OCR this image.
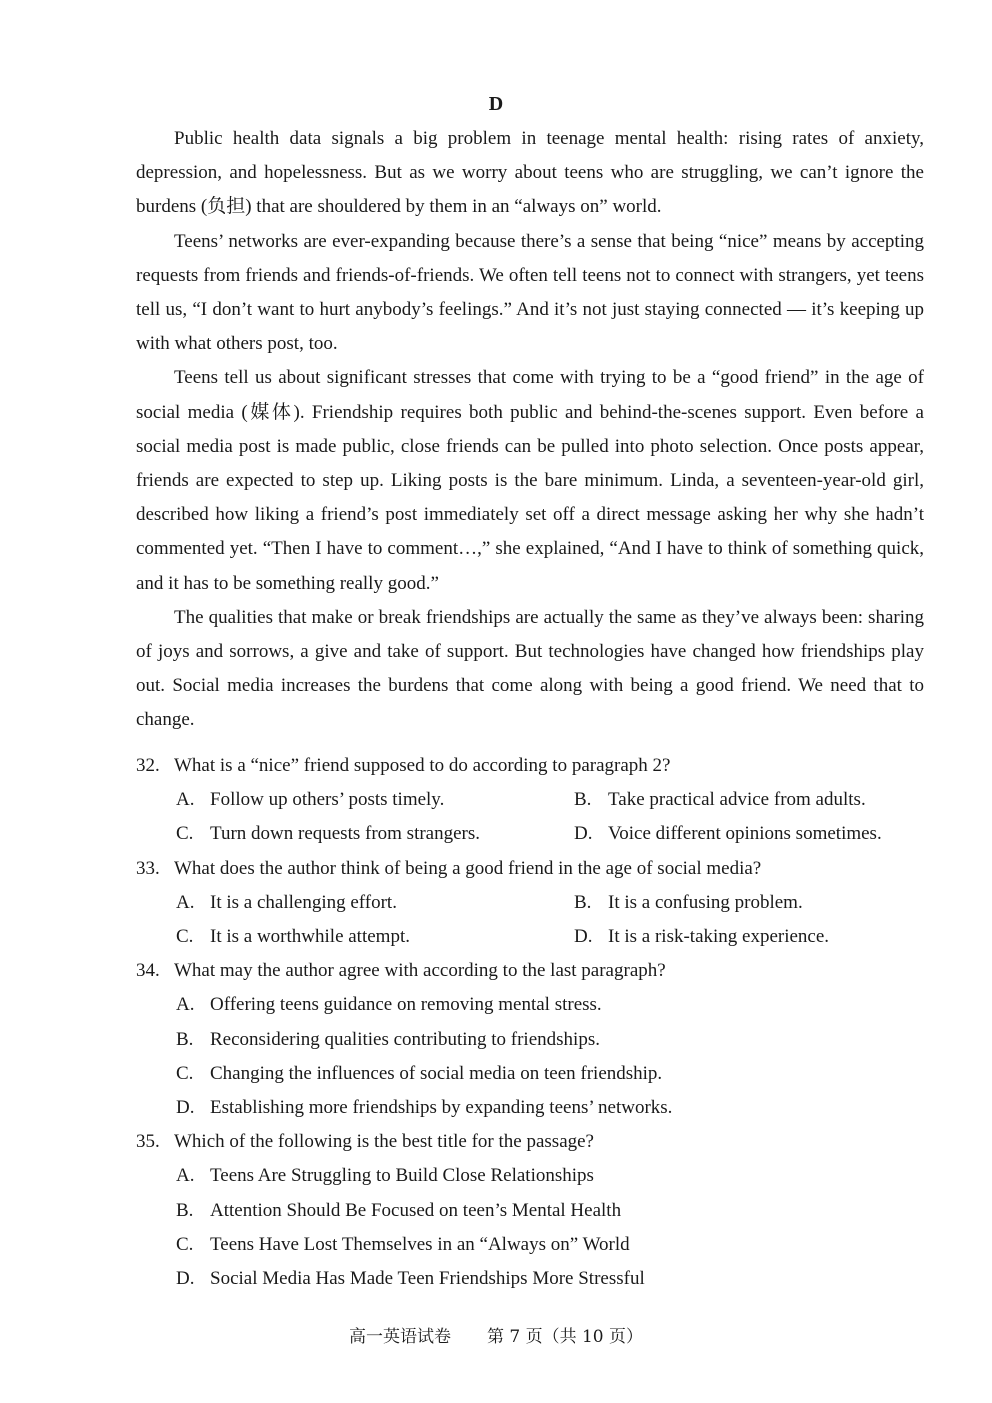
D

Public health data signals a big problem in teenage mental health: rising rates of anxiety, depression, and hopelessness. But as we worry about teens who are struggling, we can’t ignore the burdens (负担) that are shouldered by them in an “always on” world.

Teens’ networks are ever-expanding because there’s a sense that being “nice” means by accepting requests from friends and friends-of-friends. We often tell teens not to connect with strangers, yet teens tell us, “I don’t want to hurt anybody’s feelings.” And it’s not just staying connected — it’s keeping up with what others post, too.

Teens tell us about significant stresses that come with trying to be a “good friend” in the age of social media (媒体). Friendship requires both public and behind-the-scenes support. Even before a social media post is made public, close friends can be pulled into photo selection. Once posts appear, friends are expected to step up. Liking posts is the bare minimum. Linda, a seventeen-year-old girl, described how liking a friend’s post immediately set off a direct message asking her why she hadn’t commented yet. “Then I have to comment…,” she explained, “And I have to think of something quick, and it has to be something really good.”

The qualities that make or break friendships are actually the same as they’ve always been: sharing of joys and sorrows, a give and take of support. But technologies have changed how friendships play out. Social media increases the burdens that come along with being a good friend. We need that to change.

32. What is a “nice” friend supposed to do according to paragraph 2?
A. Follow up others’ posts timely.	B. Take practical advice from adults.
C. Turn down requests from strangers.	D. Voice different opinions sometimes.
33. What does the author think of being a good friend in the age of social media?
A. It is a challenging effort.	B. It is a confusing problem.
C. It is a worthwhile attempt.	D. It is a risk-taking experience.
34. What may the author agree with according to the last paragraph?
A. Offering teens guidance on removing mental stress.
B. Reconsidering qualities contributing to friendships.
C. Changing the influences of social media on teen friendship.
D. Establishing more friendships by expanding teens’ networks.
35. Which of the following is the best title for the passage?
A. Teens Are Struggling to Build Close Relationships
B. Attention Should Be Focused on teen’s Mental Health
C. Teens Have Lost Themselves in an “Always on” World
D. Social Media Has Made Teen Friendships More Stressful
高一英语试卷 第 7 页（共 10 页）
